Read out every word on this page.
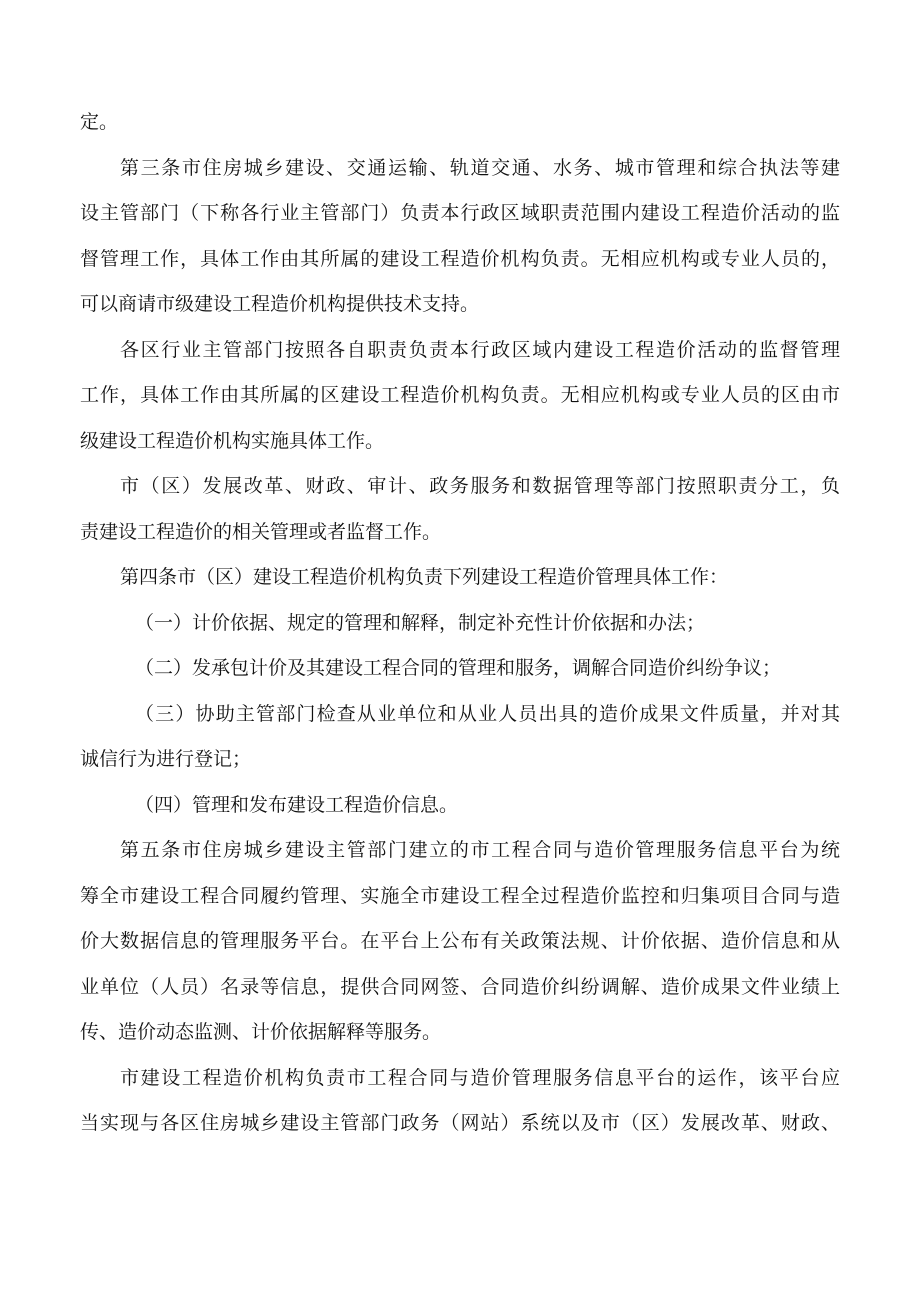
定。
第三条市住房城乡建设、交通运输、轨道交通、水务、城市管理和综合执法等建
设主管部门（下称各行业主管部门）负责本行政区域职责范围内建设工程造价活动的监
督管理工作，具体工作由其所属的建设工程造价机构负责。无相应机构或专业人员的，
可以商请市级建设工程造价机构提供技术支持。
各区行业主管部门按照各自职责负责本行政区域内建设工程造价活动的监督管理
工作，具体工作由其所属的区建设工程造价机构负责。无相应机构或专业人员的区由市
级建设工程造价机构实施具体工作。
市（区）发展改革、财政、审计、政务服务和数据管理等部门按照职责分工，负
责建设工程造价的相关管理或者监督工作。
第四条市（区）建设工程造价机构负责下列建设工程造价管理具体工作：
（一）计价依据、规定的管理和解释，制定补充性计价依据和办法；
（二）发承包计价及其建设工程合同的管理和服务，调解合同造价纠纷争议；
（三）协助主管部门检查从业单位和从业人员出具的造价成果文件质量，并对其
诚信行为进行登记；
（四）管理和发布建设工程造价信息。
第五条市住房城乡建设主管部门建立的市工程合同与造价管理服务信息平台为统
筹全市建设工程合同履约管理、实施全市建设工程全过程造价监控和归集项目合同与造
价大数据信息的管理服务平台。在平台上公布有关政策法规、计价依据、造价信息和从
业单位（人员）名录等信息，提供合同网签、合同造价纠纷调解、造价成果文件业绩上
传、造价动态监测、计价依据解释等服务。
市建设工程造价机构负责市工程合同与造价管理服务信息平台的运作，该平台应
当实现与各区住房城乡建设主管部门政务（网站）系统以及市（区）发展改革、财政、
